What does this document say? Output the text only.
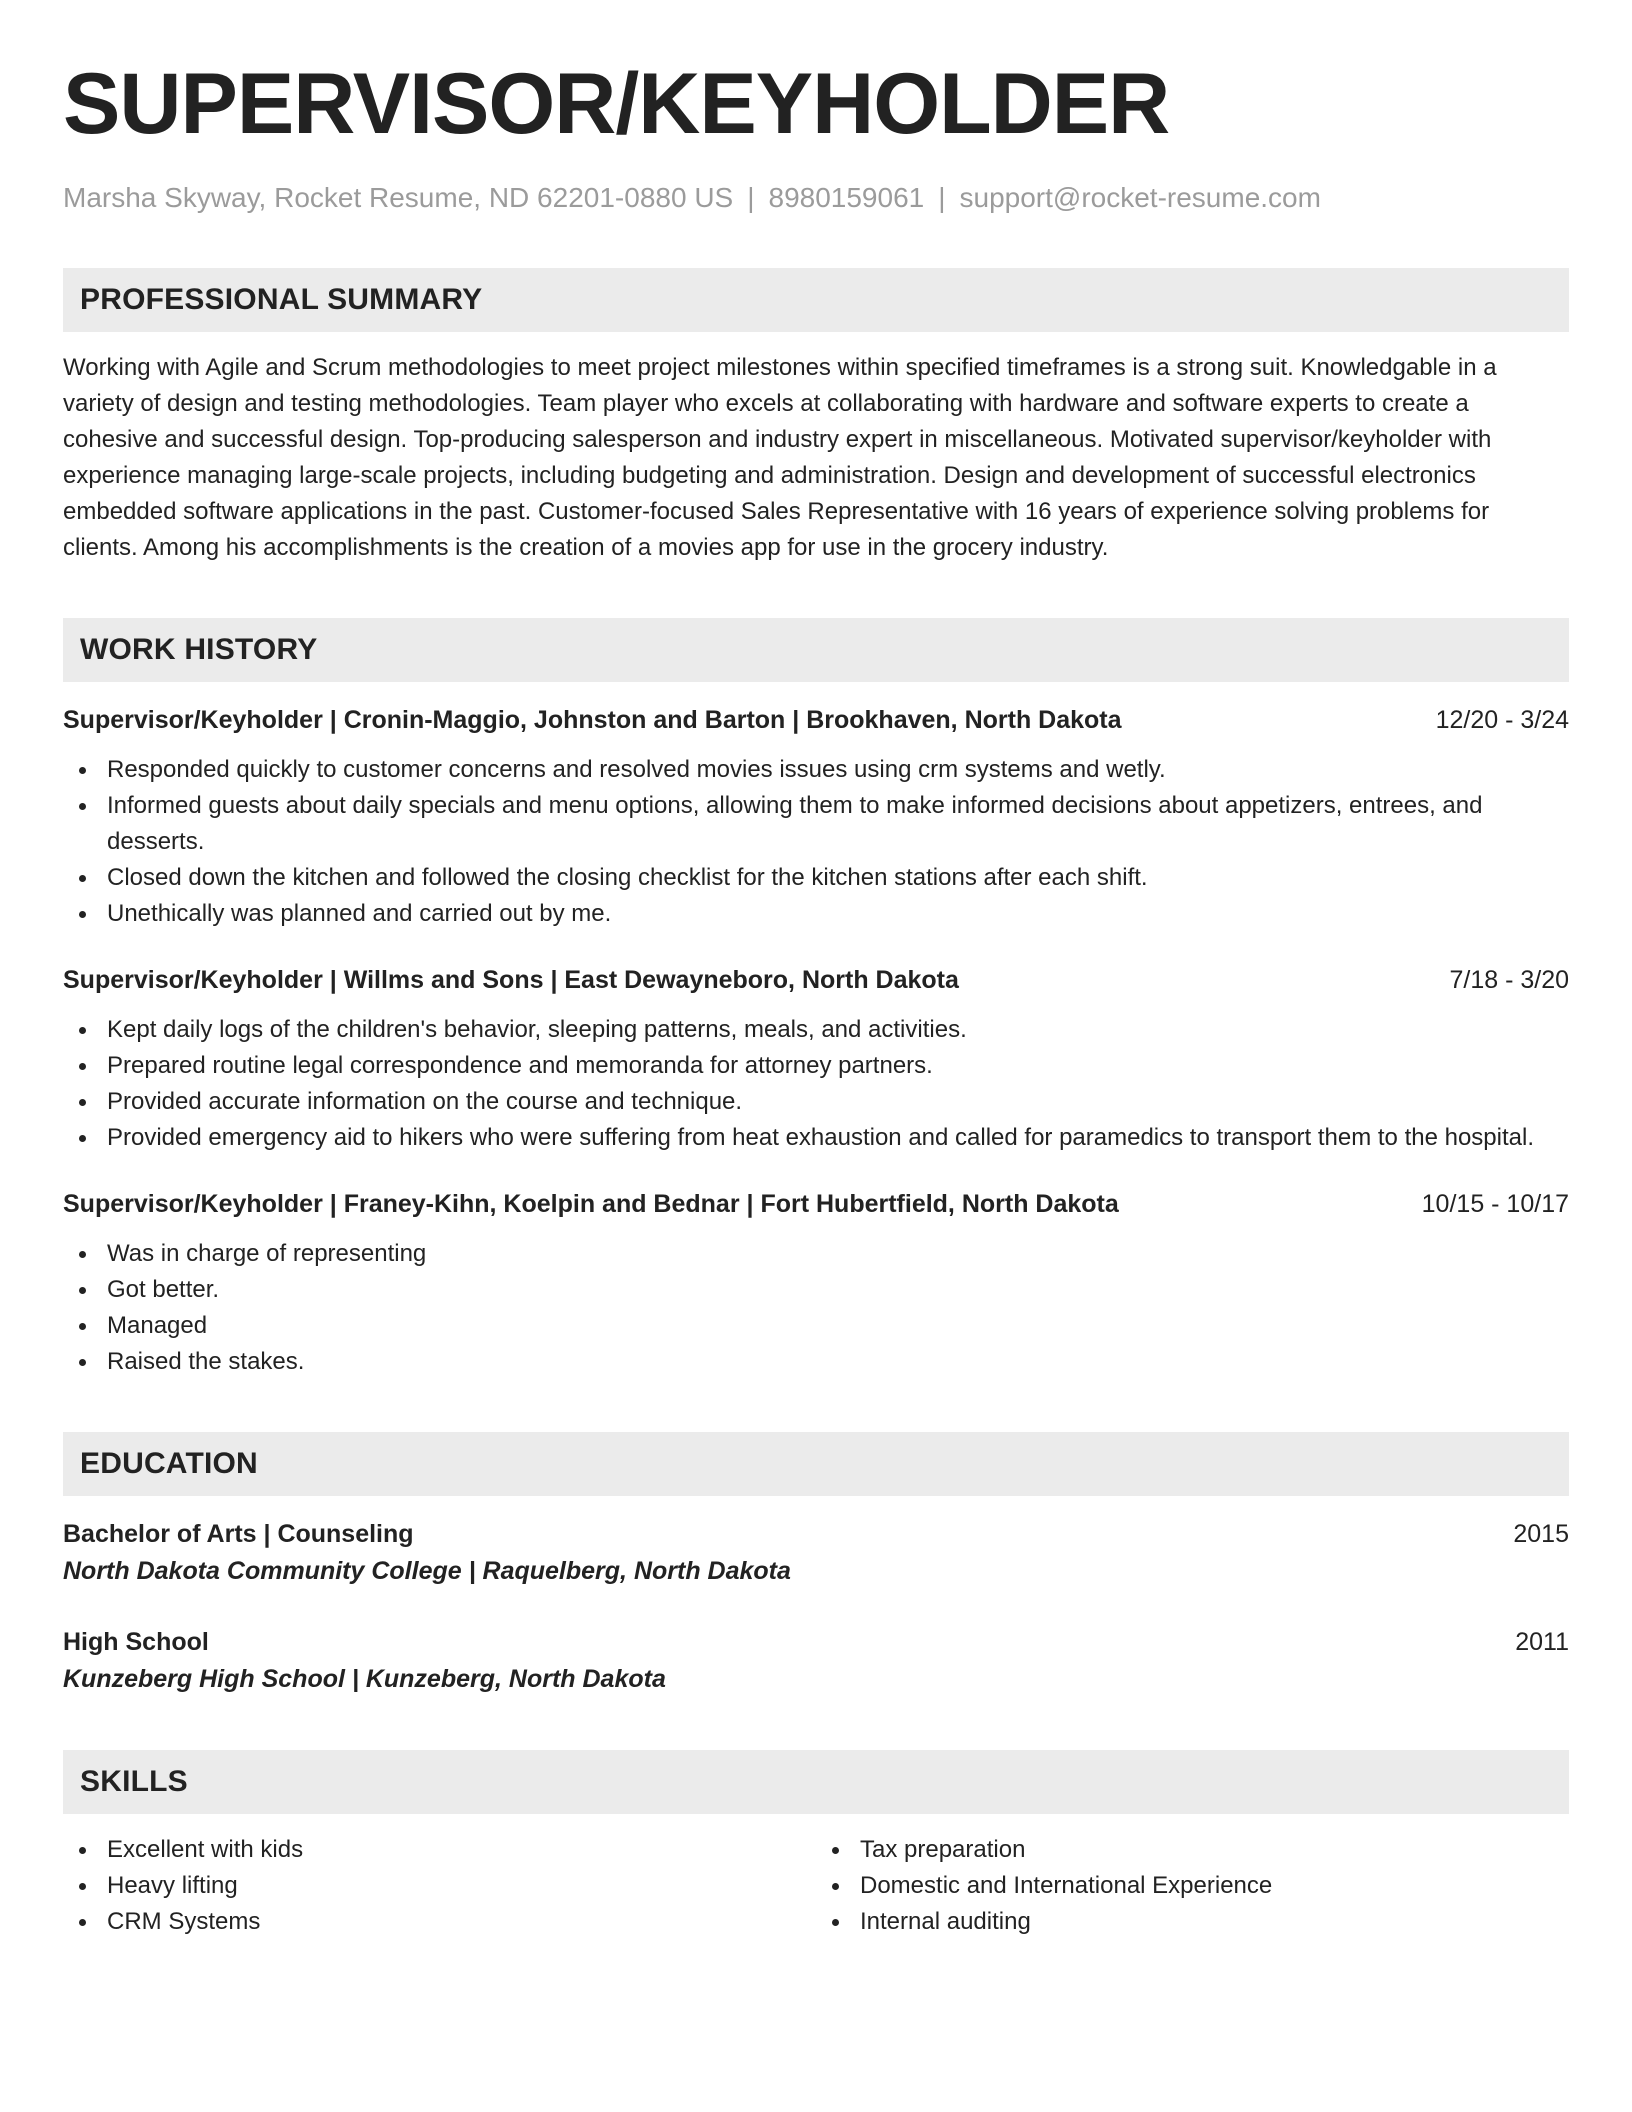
SUPERVISOR/KEYHOLDER
Marsha Skyway, Rocket Resume, ND 62201-0880 US | 8980159061 | support@rocket-resume.com
PROFESSIONAL SUMMARY
Working with Agile and Scrum methodologies to meet project milestones within specified timeframes is a strong suit. Knowledgable in a variety of design and testing methodologies. Team player who excels at collaborating with hardware and software experts to create a cohesive and successful design. Top-producing salesperson and industry expert in miscellaneous. Motivated supervisor/keyholder with experience managing large-scale projects, including budgeting and administration. Design and development of successful electronics embedded software applications in the past. Customer-focused Sales Representative with 16 years of experience solving problems for clients. Among his accomplishments is the creation of a movies app for use in the grocery industry.
WORK HISTORY
Supervisor/Keyholder | Cronin-Maggio, Johnston and Barton | Brookhaven, North Dakota	12/20 - 3/24
Responded quickly to customer concerns and resolved movies issues using crm systems and wetly.
Informed guests about daily specials and menu options, allowing them to make informed decisions about appetizers, entrees, and desserts.
Closed down the kitchen and followed the closing checklist for the kitchen stations after each shift.
Unethically was planned and carried out by me.
Supervisor/Keyholder | Willms and Sons | East Dewayneboro, North Dakota	7/18 - 3/20
Kept daily logs of the children's behavior, sleeping patterns, meals, and activities.
Prepared routine legal correspondence and memoranda for attorney partners.
Provided accurate information on the course and technique.
Provided emergency aid to hikers who were suffering from heat exhaustion and called for paramedics to transport them to the hospital.
Supervisor/Keyholder | Franey-Kihn, Koelpin and Bednar | Fort Hubertfield, North Dakota	10/15 - 10/17
Was in charge of representing
Got better.
Managed
Raised the stakes.
EDUCATION
Bachelor of Arts | Counseling	2015
North Dakota Community College | Raquelberg, North Dakota
High School	2011
Kunzeberg High School | Kunzeberg, North Dakota
SKILLS
Excellent with kids
Heavy lifting
CRM Systems
Tax preparation
Domestic and International Experience
Internal auditing
